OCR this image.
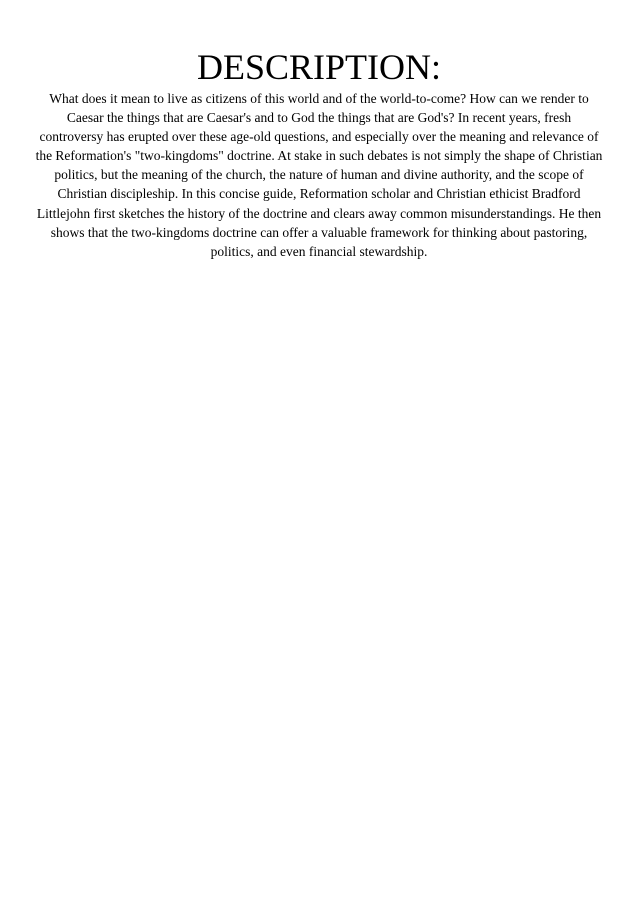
DESCRIPTION:

What does it mean to live as citizens of this world and of the world-to-come? How can we render to Caesar the things that are Caesar's and to God the things that are God's? In recent years, fresh controversy has erupted over these age-old questions, and especially over the meaning and relevance of the Reformation's "two-kingdoms" doctrine. At stake in such debates is not simply the shape of Christian politics, but the meaning of the church, the nature of human and divine authority, and the scope of Christian discipleship. In this concise guide, Reformation scholar and Christian ethicist Bradford Littlejohn first sketches the history of the doctrine and clears away common misunderstandings. He then shows that the two-kingdoms doctrine can offer a valuable framework for thinking about pastoring, politics, and even financial stewardship.
